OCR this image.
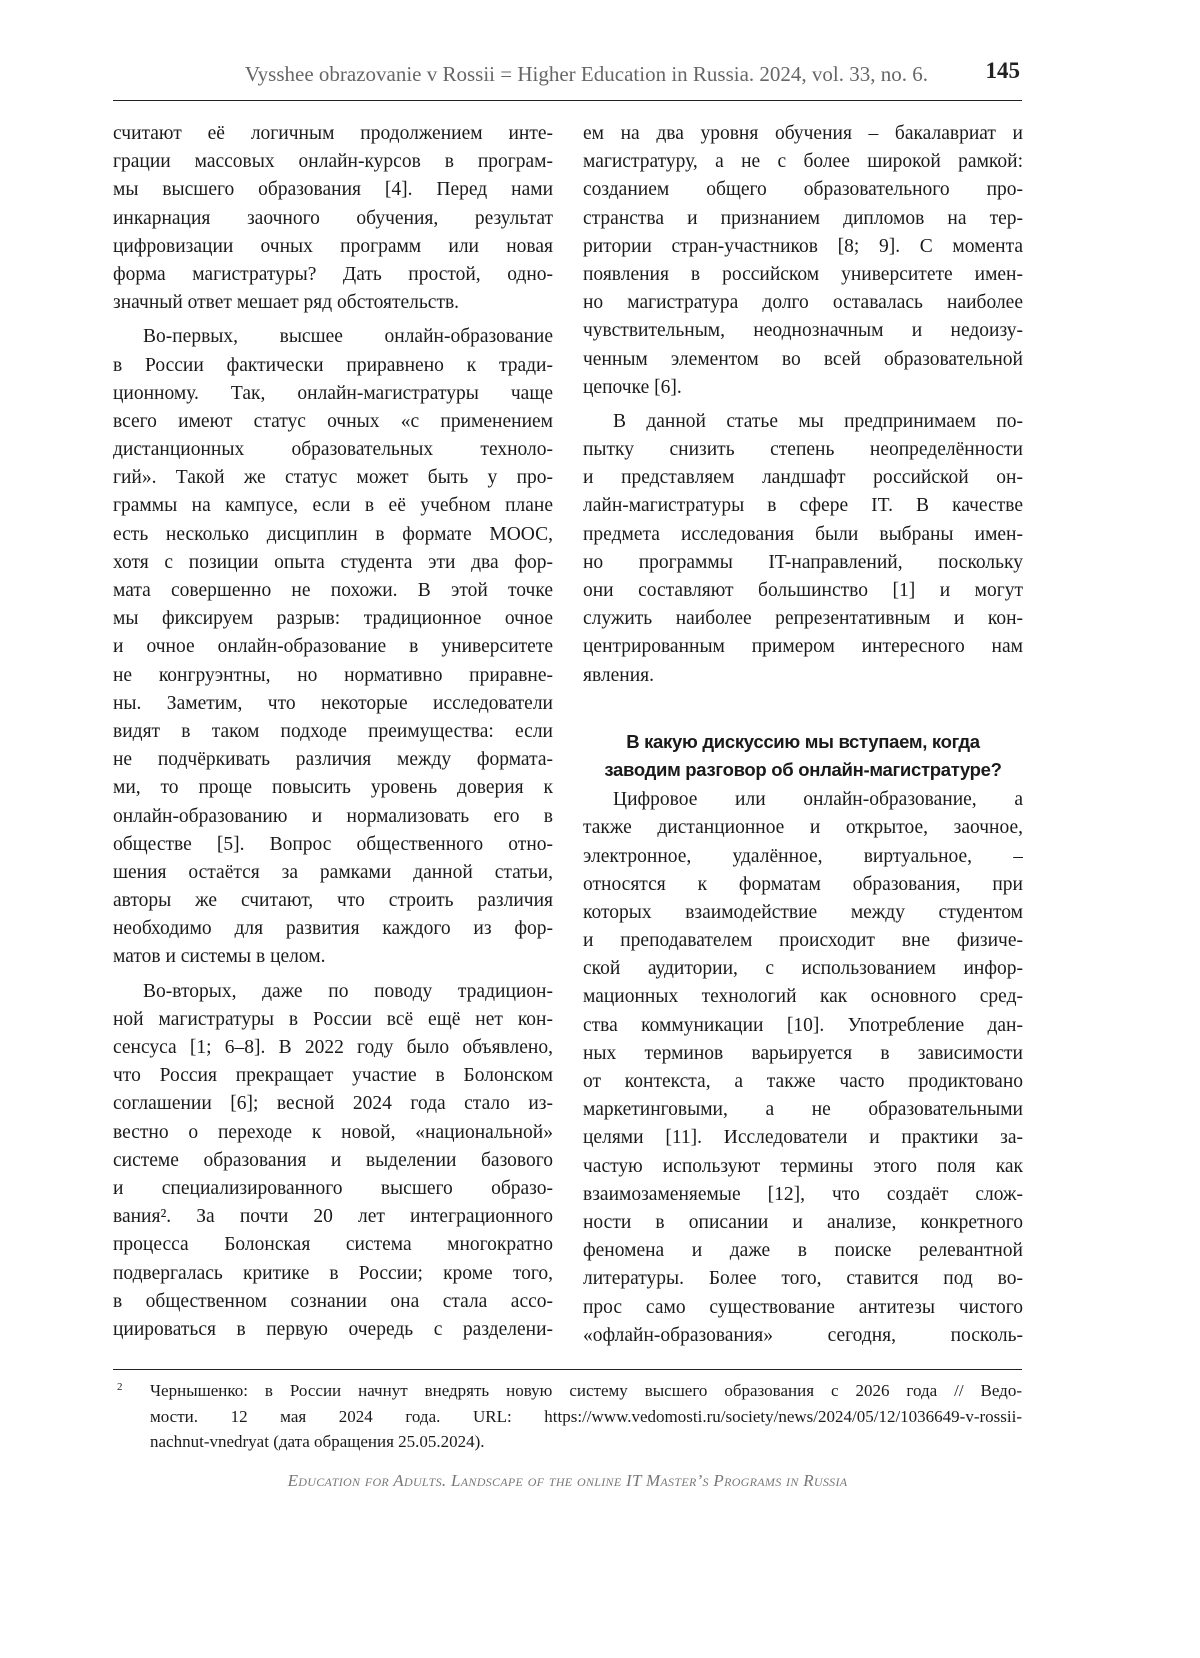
Vysshee obrazovanie v Rossii = Higher Education in Russia. 2024, vol. 33, no. 6.	145
считают её логичным продолжением инте-
грации массовых онлайн-курсов в програм-
мы высшего образования [4]. Перед нами
инкарнация заочного обучения, результат
цифровизации очных программ или новая
форма магистратуры? Дать простой, одно-
значный ответ мешает ряд обстоятельств.
Во-первых, высшее онлайн-образование
в России фактически приравнено к тради-
ционному. Так, онлайн-магистратуры чаще
всего имеют статус очных «с применением
дистанционных образовательных техноло-
гий». Такой же статус может быть у про-
граммы на кампусе, если в её учебном плане
есть несколько дисциплин в формате МООС,
хотя с позиции опыта студента эти два фор-
мата совершенно не похожи. В этой точке
мы фиксируем разрыв: традиционное очное
и очное онлайн-образование в университете
не конгруэнтны, но нормативно приравне-
ны. Заметим, что некоторые исследователи
видят в таком подходе преимущества: если
не подчёркивать различия между формата-
ми, то проще повысить уровень доверия к
онлайн-образованию и нормализовать его в
обществе [5]. Вопрос общественного отно-
шения остаётся за рамками данной статьи,
авторы же считают, что строить различия
необходимо для развития каждого из фор-
матов и системы в целом.
Во-вторых, даже по поводу традицион-
ной магистратуры в России всё ещё нет кон-
сенсуса [1; 6–8]. В 2022 году было объявлено,
что Россия прекращает участие в Болонском
соглашении [6]; весной 2024 года стало из-
вестно о переходе к новой, «национальной»
системе образования и выделении базового
и специализированного высшего образо-
вания². За почти 20 лет интеграционного
процесса Болонская система многократно
подвергалась критике в России; кроме того,
в общественном сознании она стала ассо-
циироваться в первую очередь с разделени-
ем на два уровня обучения – бакалавриат и
магистратуру, а не с более широкой рамкой:
созданием общего образовательного про-
странства и признанием дипломов на тер-
ритории стран-участников [8; 9]. С момента
появления в российском университете имен-
но магистратура долго оставалась наиболее
чувствительным, неоднозначным и недоизу-
ченным элементом во всей образовательной
цепочке [6].
В данной статье мы предпринимаем по-
пытку снизить степень неопределённости
и представляем ландшафт российской он-
лайн-магистратуры в сфере IT. В качестве
предмета исследования были выбраны имен-
но программы IT-направлений, поскольку
они составляют большинство [1] и могут
служить наиболее репрезентативным и кон-
центрированным примером интересного нам
явления.
В какую дискуссию мы вступаем, когда
заводим разговор об онлайн-магистратуре?
Цифровое или онлайн-образование, а
также дистанционное и открытое, заочное,
электронное, удалённое, виртуальное, –
относятся к форматам образования, при
которых взаимодействие между студентом
и преподавателем происходит вне физиче-
ской аудитории, с использованием инфор-
мационных технологий как основного сред-
ства коммуникации [10]. Употребление дан-
ных терминов варьируется в зависимости
от контекста, а также часто продиктовано
маркетинговыми, а не образовательными
целями [11]. Исследователи и практики за-
частую используют термины этого поля как
взаимозаменяемые [12], что создаёт слож-
ности в описании и анализе, конкретного
феномена и даже в поиске релевантной
литературы. Более того, ставится под во-
прос само существование антитезы чистого
«офлайн-образования» сегодня, посколь-
2 Чернышенко: в России начнут внедрять новую систему высшего образования с 2026 года // Ведо-
мости. 12 мая 2024 года. URL: https://www.vedomosti.ru/society/news/2024/05/12/1036649-v-rossii-
nachnut-vnedryat (дата обращения 25.05.2024).
Education for Adults. Landscape of the online IT Master’s Programs in Russia
